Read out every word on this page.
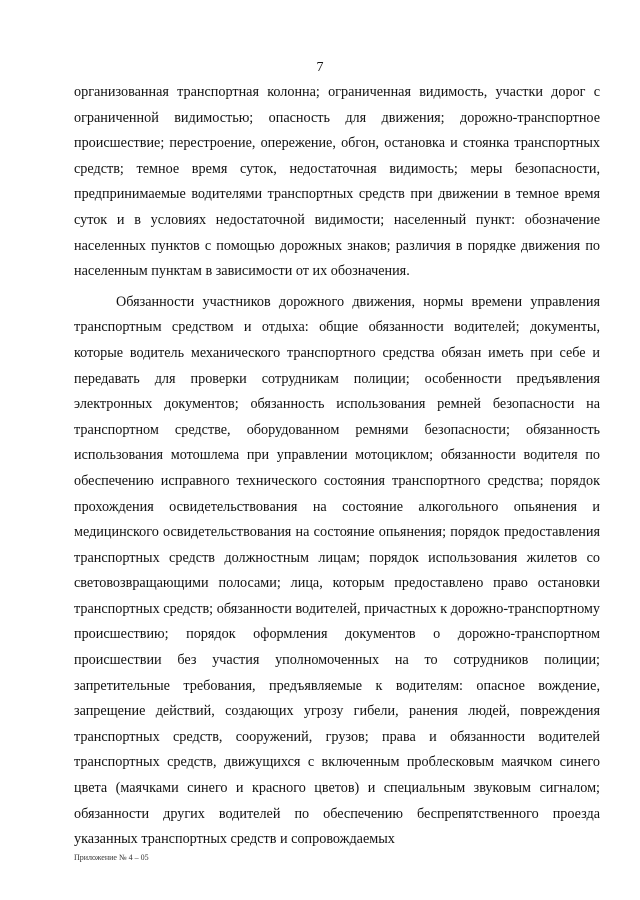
7

организованная транспортная колонна; ограниченная видимость, участки дорог с ограниченной видимостью; опасность для движения; дорожно-транспортное происшествие; перестроение, опережение, обгон, остановка и стоянка транспортных средств; темное время суток, недостаточная видимость; меры безопасности, предпринимаемые водителями транспортных средств при движении в темное время суток и в условиях недостаточной видимости; населенный пункт: обозначение населенных пунктов с помощью дорожных знаков; различия в порядке движения по населенным пунктам в зависимости от их обозначения.

Обязанности участников дорожного движения, нормы времени управления транспортным средством и отдыха: общие обязанности водителей; документы, которые водитель механического транспортного средства обязан иметь при себе и передавать для проверки сотрудникам полиции; особенности предъявления электронных документов; обязанность использования ремней безопасности на транспортном средстве, оборудованном ремнями безопасности; обязанность использования мотошлема при управлении мотоциклом; обязанности водителя по обеспечению исправного технического состояния транспортного средства; порядок прохождения освидетельствования на состояние алкогольного опьянения и медицинского освидетельствования на состояние опьянения; порядок предоставления транспортных средств должностным лицам; порядок использования жилетов со световозвращающими полосами; лица, которым предоставлено право остановки транспортных средств; обязанности водителей, причастных к дорожно-транспортному происшествию; порядок оформления документов о дорожно-транспортном происшествии без участия уполномоченных на то сотрудников полиции; запретительные требования, предъявляемые к водителям: опасное вождение, запрещение действий, создающих угрозу гибели, ранения людей, повреждения транспортных средств, сооружений, грузов; права и обязанности водителей транспортных средств, движущихся с включенным проблесковым маячком синего цвета (маячками синего и красного цветов) и специальным звуковым сигналом; обязанности других водителей по обеспечению беспрепятственного проезда указанных транспортных средств и сопровождаемых

Приложение № 4 – 05
